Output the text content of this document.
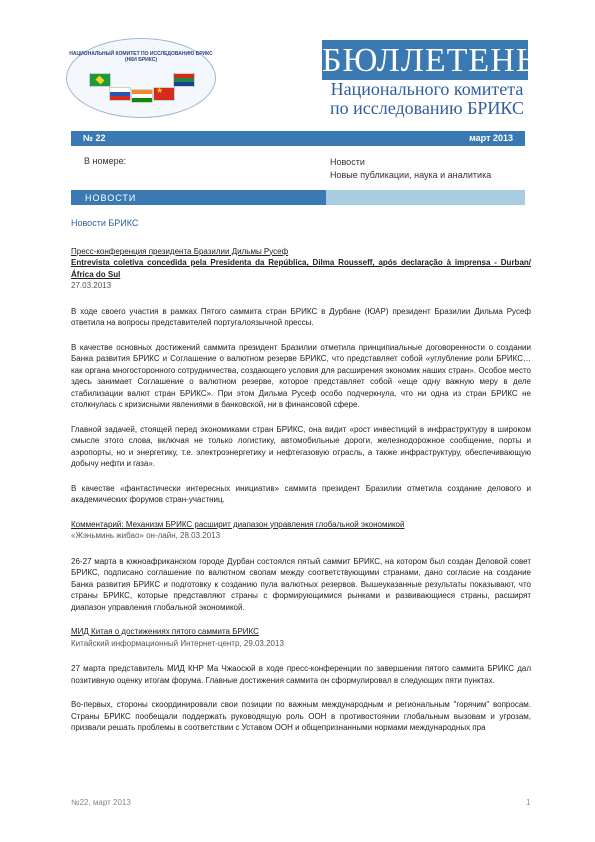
НАЦИОНАЛЬНЫЙ КОМИТЕТ ПО ИССЛЕДОВАНИЮ БРИКС (НКИ БРИКС)
★	БЮЛЛЕТЕНЬ
Национального комитета
по исследованию БРИКС
№ 22	март 2013
В номере:	Новости
Новые публикации, наука и аналитика
НОВОСТИ
Новости БРИКС
Пресс-конференция президента Бразилии Дильмы Русеф
Entrevista coletiva concedida pela Presidenta da República, Dilma Rousseff, após declaração à imprensa - Durban/África do Sul
27.03.2013
В ходе своего участия в рамках Пятого саммита стран БРИКС в Дурбане (ЮАР) президент Бразилии Дильма Русеф ответила на вопросы представителей португалоязычной прессы.
В качестве основных достижений саммита президент Бразилии отметила принципиальные договоренности о создании Банка развития БРИКС и Соглашение о валютном резерве БРИКС, что представляет собой «углубление роли БРИКС… как органа многосторонного сотрудничества, создающего условия для расширения экономик наших стран». Особое место здесь занимает Соглашение о валютном резерве, которое представляет собой «еще одну важную меру в деле стабилизации валют стран БРИКС». При этом Дильма Русеф особо подчеркнула, что ни одна из стран БРИКС не столкнулась с кризисными явлениями в банковской, ни в финансовой сфере.
Главной задачей, стоящей перед экономиками стран БРИКС, она видит «рост инвестиций в инфраструктуру в широком смысле этого слова, включая не только логистику, автомобильные дороги, железнодорожное сообщение, порты и аэропорты, но и энергетику, т.е. электроэнергетику и нефтегазовую отрасль, а также инфраструктуру, обеспечивающую добычу нефти и газа».
В качестве «фантастически интересных инициатив» саммита президент Бразилии отметила создание делового и академических форумов стран-участниц.
Комментарий: Механизм БРИКС расширит диапазон управления глобальной экономикой
«Жэньминь жибао» он-лайн, 28.03.2013
26-27 марта в южноафриканском городе Дурбан состоялся пятый саммит БРИКС, на котором был создан Деловой совет БРИКС, подписано соглашение по валютном свопам между соответствующими странами, дано согласие на создание Банка развития БРИКС и подготовку к созданию пула валютных резервов. Вышеуказанные результаты показывают, что страны БРИКС, которые представляют страны с формирующимися рынками и развивающиеся страны, расширят диапазон управления глобальной экономикой.
МИД Китая о достижениях пятого саммита БРИКС
Китайский информационный Интернет-центр, 29.03.2013
27 марта представитель МИД КНР Ма Чжаосюй в ходе пресс-конференции по завершении пятого саммита БРИКС дал позитивную оценку итогам форума. Главные достижения саммита он сформулировал в следующих пяти пунктах.
Во-первых, стороны скоординировали свои позиции по важным международным и региональным "горячим" вопросам. Страны БРИКС пообещали поддержать руководящую роль ООН в противостоянии глобальным вызовам и угрозам, призвали решать проблемы в соответствии с Уставом ООН и общепризнанными нормами международных пра
№22, март 2013	1
